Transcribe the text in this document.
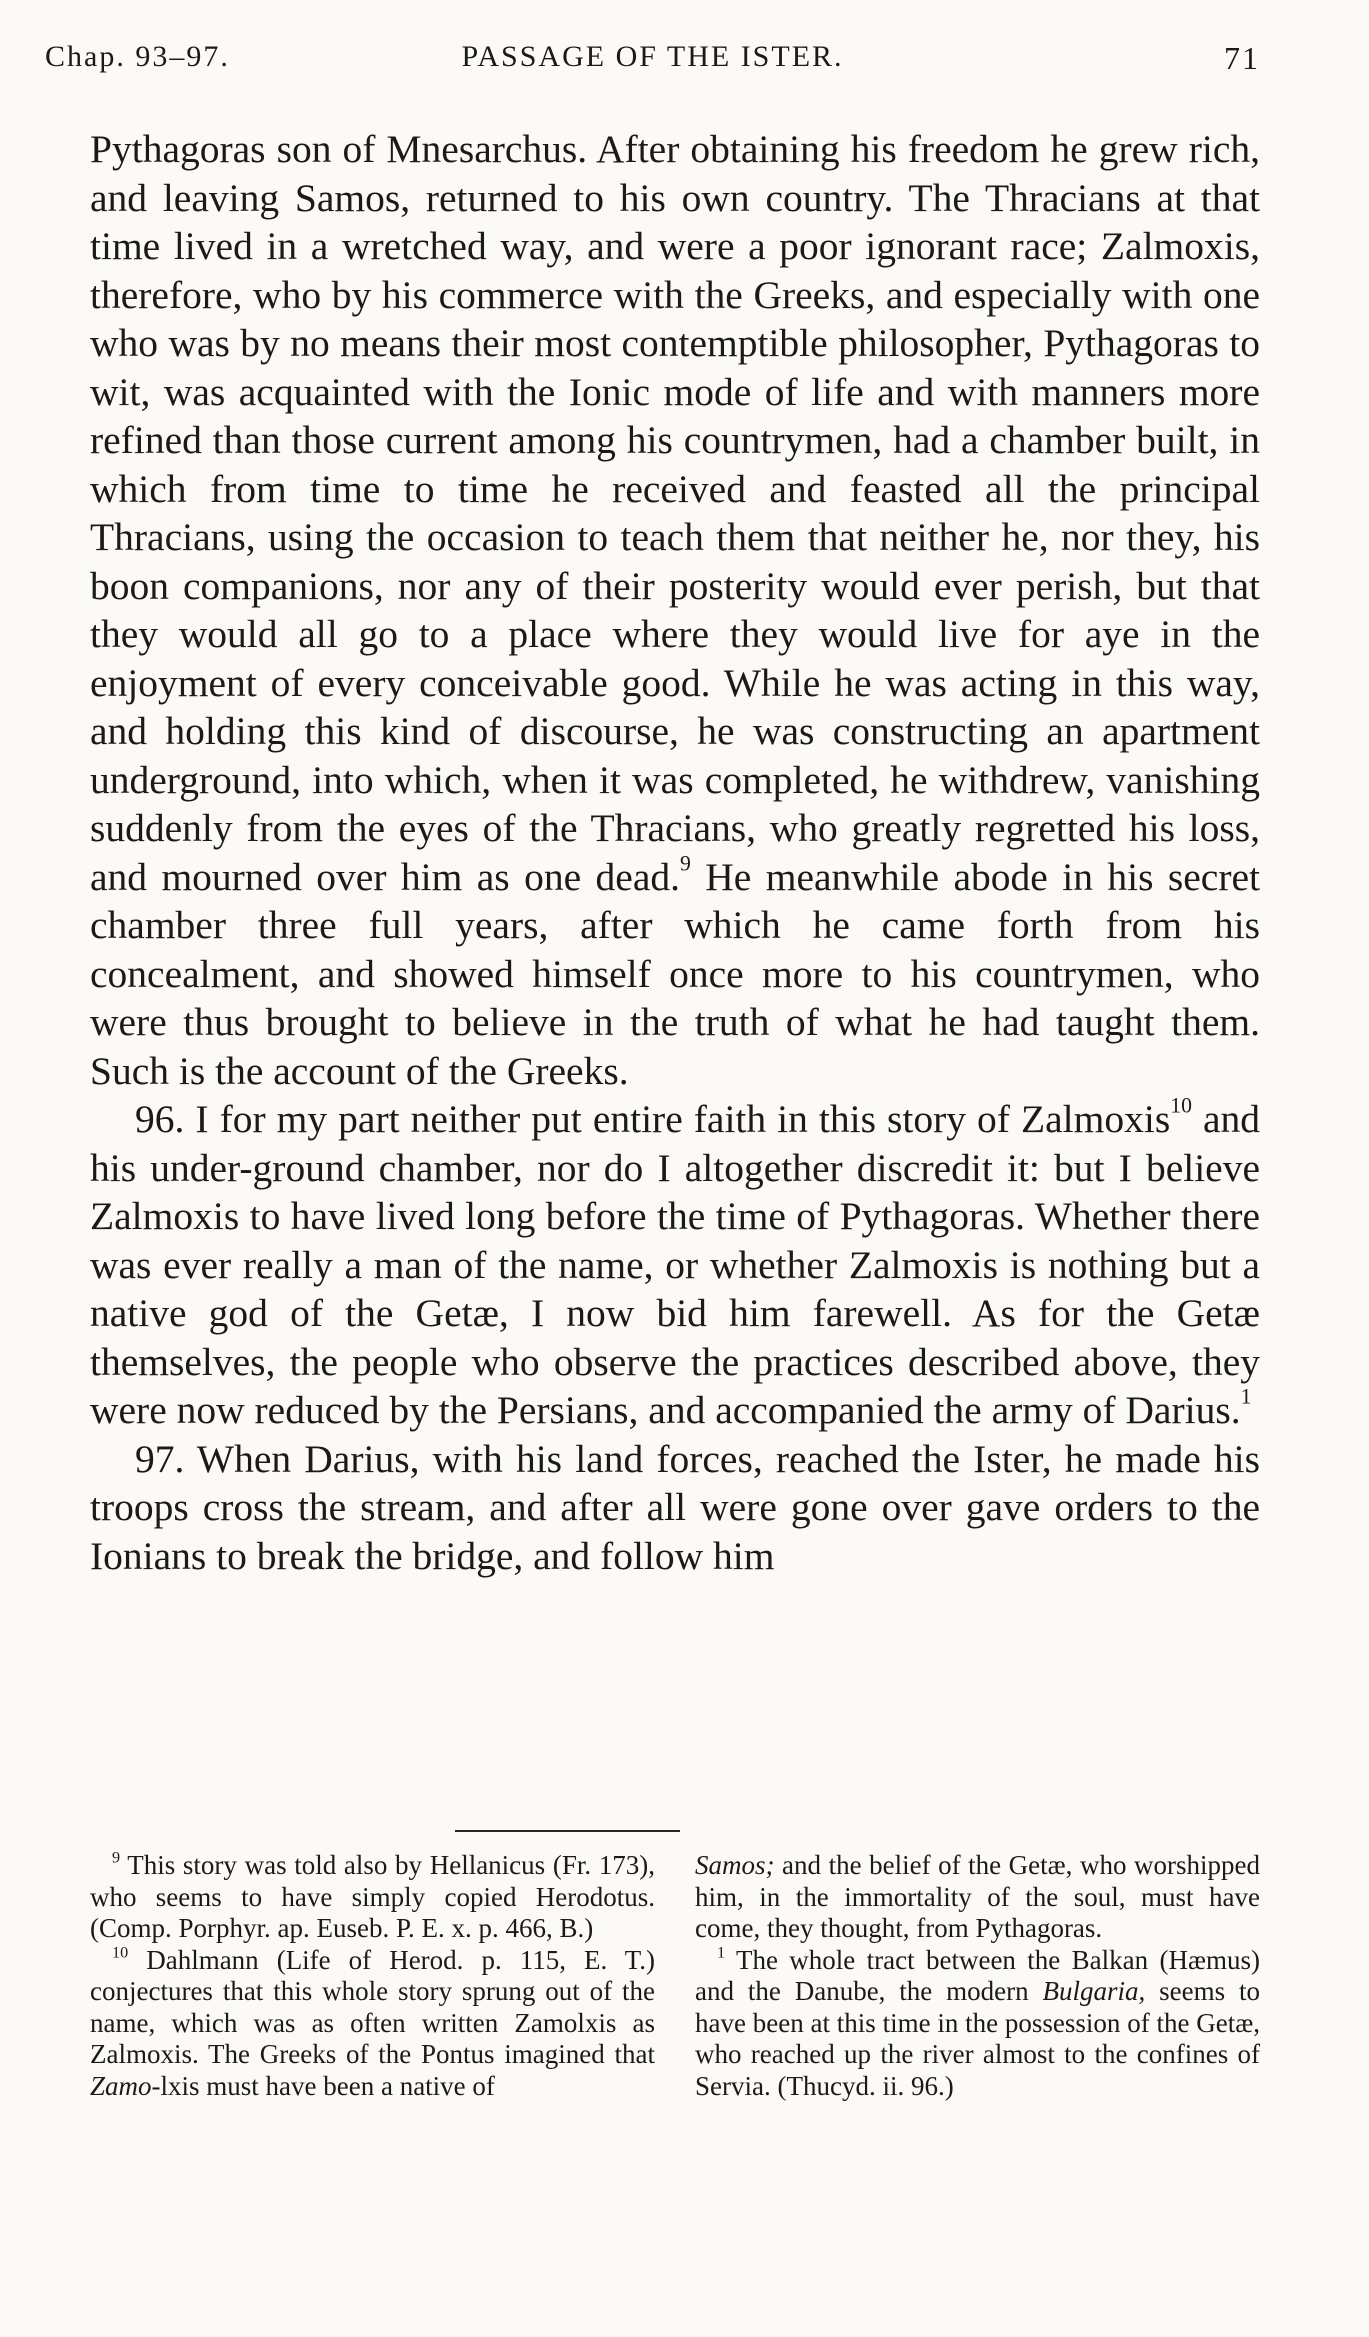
Chap. 93–97.	PASSAGE OF THE ISTER.	71

Pythagoras son of Mnesarchus. After obtaining his freedom he grew rich, and leaving Samos, returned to his own country. The Thracians at that time lived in a wretched way, and were a poor ignorant race; Zalmoxis, therefore, who by his commerce with the Greeks, and especially with one who was by no means their most contemptible philosopher, Pythagoras to wit, was acquainted with the Ionic mode of life and with manners more refined than those current among his countrymen, had a chamber built, in which from time to time he received and feasted all the principal Thracians, using the occasion to teach them that neither he, nor they, his boon companions, nor any of their posterity would ever perish, but that they would all go to a place where they would live for aye in the enjoyment of every conceivable good. While he was acting in this way, and holding this kind of discourse, he was constructing an apartment underground, into which, when it was completed, he withdrew, vanishing suddenly from the eyes of the Thracians, who greatly regretted his loss, and mourned over him as one dead.$^9$ He meanwhile abode in his secret chamber three full years, after which he came forth from his concealment, and showed himself once more to his countrymen, who were thus brought to believe in the truth of what he had taught them. Such is the account of the Greeks.

96. I for my part neither put entire faith in this story of Zalmoxis$^{10}$ and his under-ground chamber, nor do I altogether discredit it: but I believe Zalmoxis to have lived long before the time of Pythagoras. Whether there was ever really a man of the name, or whether Zalmoxis is nothing but a native god of the Getæ, I now bid him farewell. As for the Getæ themselves, the people who observe the practices described above, they were now reduced by the Persians, and accompanied the army of Darius.$^1$

97. When Darius, with his land forces, reached the Ister, he made his troops cross the stream, and after all were gone over gave orders to the Ionians to break the bridge, and follow him

$^9$ This story was told also by Hellanicus (Fr. 173), who seems to have simply copied Herodotus. (Comp. Porphyr. ap. Euseb. P. E. x. p. 466, B.)

$^{10}$ Dahlmann (Life of Herod. p. 115, E. T.) conjectures that this whole story sprung out of the name, which was as often written Zamolxis as Zalmoxis. The Greeks of the Pontus imagined that Zamo-lxis must have been a native of

Samos; and the belief of the Getæ, who worshipped him, in the immortality of the soul, must have come, they thought, from Pythagoras.

$^1$ The whole tract between the Balkan (Hæmus) and the Danube, the modern Bulgaria, seems to have been at this time in the possession of the Getæ, who reached up the river almost to the confines of Servia. (Thucyd. ii. 96.)
